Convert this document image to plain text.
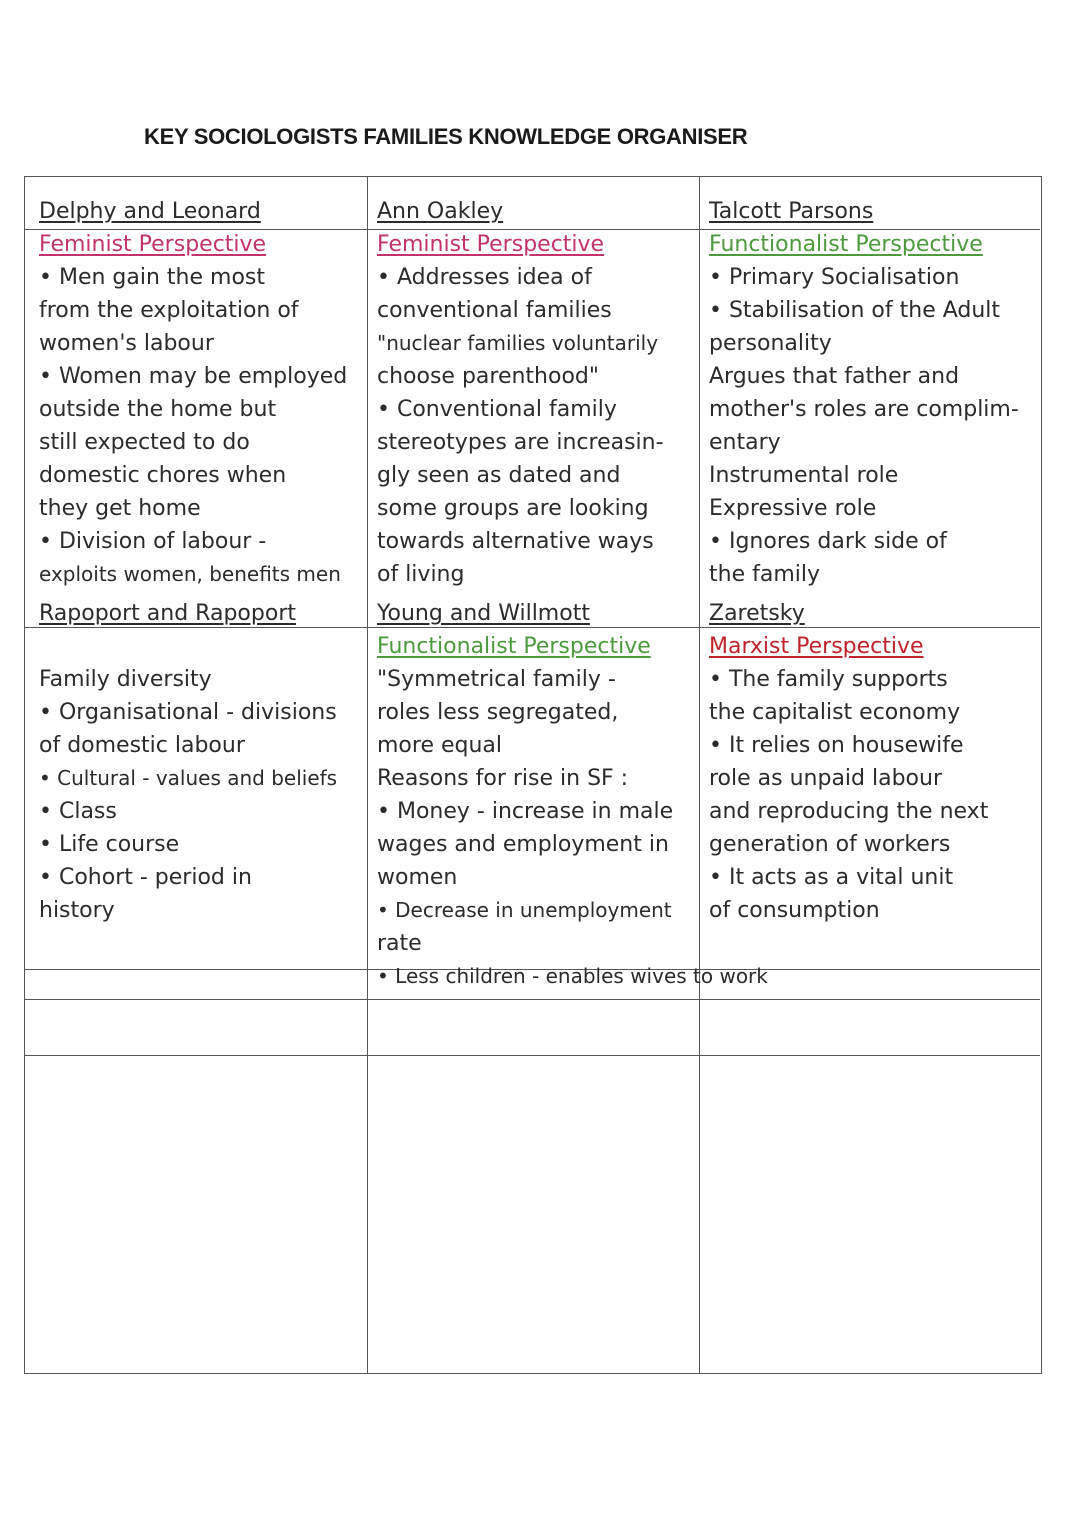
KEY SOCIOLOGISTS FAMILIES KNOWLEDGE ORGANISER
Delphy and Leonard
Feminist Perspective
• Men gain the most
from the exploitation of
women's labour
• Women may be employed
outside the home but
still expected to do
domestic chores when
they get home
• Division of labour -
exploits women, benefits men
Ann Oakley
Feminist Perspective
• Addresses idea of
conventional families
"nuclear families voluntarily
choose parenthood"
• Conventional family
stereotypes are increasin-
gly seen as dated and
some groups are looking
towards alternative ways
of living
Talcott Parsons
Functionalist Perspective
• Primary Socialisation
• Stabilisation of the Adult
personality
Argues that father and
mother's roles are complim-
entary
Instrumental role
Expressive role
• Ignores dark side of
the family
Rapoport and Rapoport

Family diversity
• Organisational - divisions
of domestic labour
• Cultural - values and beliefs
• Class
• Life course
• Cohort - period in
history
Young and Willmott
Functionalist Perspective
"Symmetrical family -
roles less segregated,
more equal
Reasons for rise in SF :
• Money - increase in male
wages and employment in
women
• Decrease in unemployment
rate
• Less children - enables wives to work
Zaretsky
Marxist Perspective
• The family supports
the capitalist economy
• It relies on housewife
role as unpaid labour
and reproducing the next
generation of workers
• It acts as a vital unit
of consumption
